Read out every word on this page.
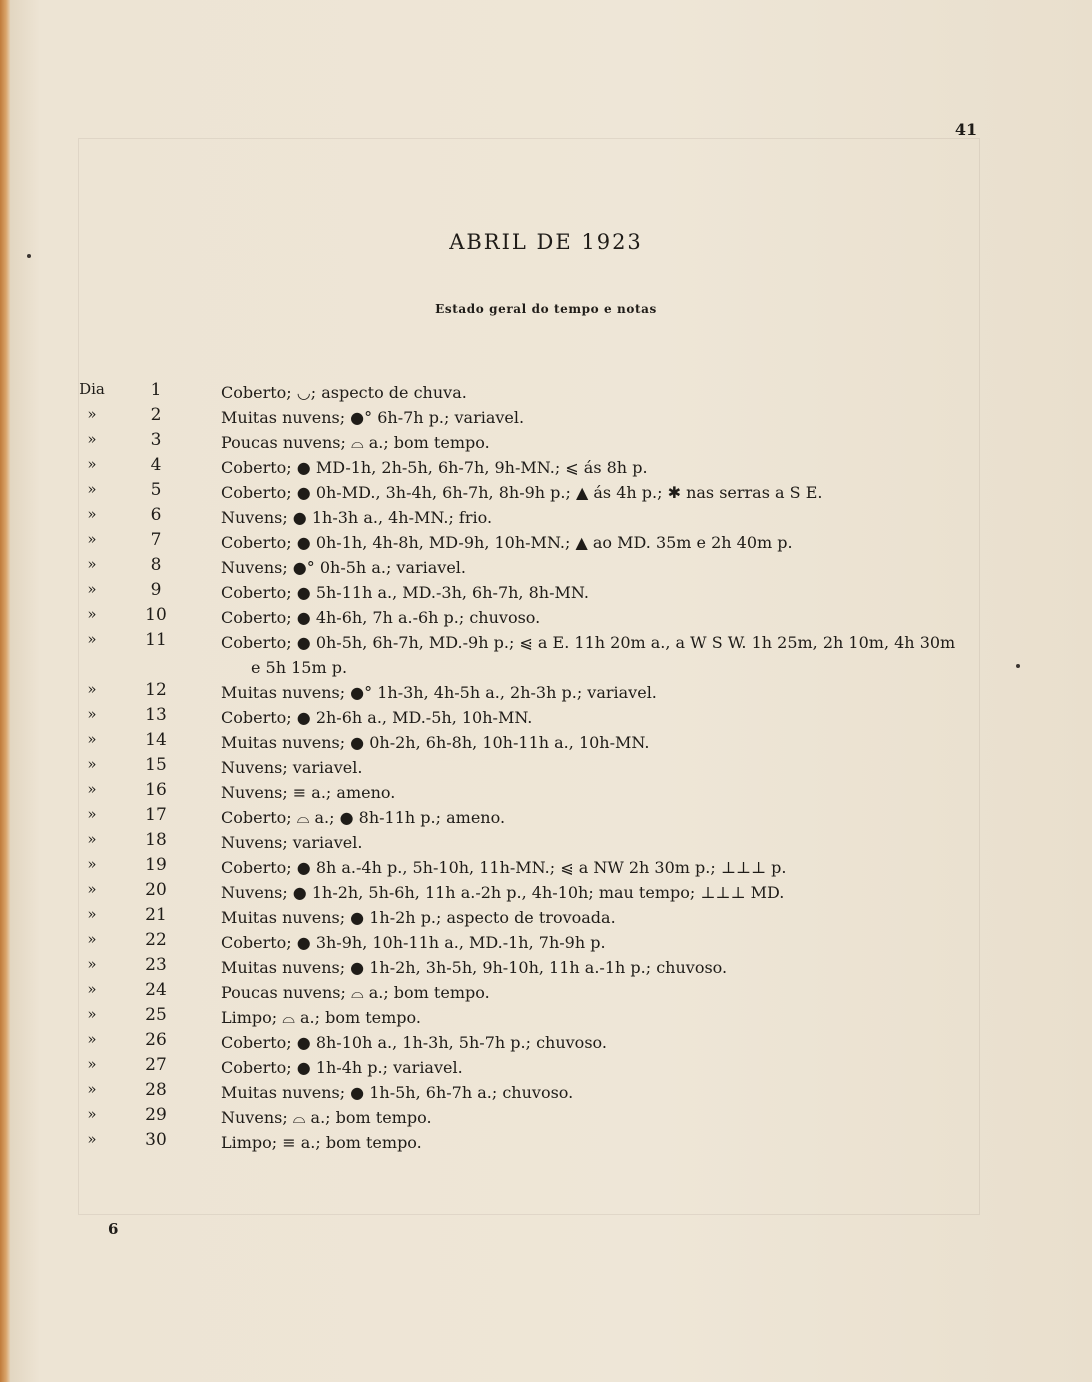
41
ABRIL DE 1923
Estado geral do tempo e notas
Dia	1	Coberto; ◡; aspecto de chuva.
»	2	Muitas nuvens; ●° 6h-7h p.; variavel.
»	3	Poucas nuvens; ⌓ a.; bom tempo.
»	4	Coberto; ● MD-1h, 2h-5h, 6h-7h, 9h-MN.; ⩽ ás 8h p.
»	5	Coberto; ● 0h-MD., 3h-4h, 6h-7h, 8h-9h p.; ▲ ás 4h p.; ✱ nas serras a S E.
»	6	Nuvens; ● 1h-3h a., 4h-MN.; frio.
»	7	Coberto; ● 0h-1h, 4h-8h, MD-9h, 10h-MN.; ▲ ao MD. 35m e 2h 40m p.
»	8	Nuvens; ●° 0h-5h a.; variavel.
»	9	Coberto; ● 5h-11h a., MD.-3h, 6h-7h, 8h-MN.
»	10	Coberto; ● 4h-6h, 7h a.-6h p.; chuvoso.
»	11	Coberto; ● 0h-5h, 6h-7h, MD.-9h p.; ⩿ a E. 11h 20m a., a W S W. 1h 25m, 2h 10m, 4h 30m
e 5h 15m p.
»	12	Muitas nuvens; ●° 1h-3h, 4h-5h a., 2h-3h p.; variavel.
»	13	Coberto; ● 2h-6h a., MD.-5h, 10h-MN.
»	14	Muitas nuvens; ● 0h-2h, 6h-8h, 10h-11h a., 10h-MN.
»	15	Nuvens; variavel.
»	16	Nuvens; ≡ a.; ameno.
»	17	Coberto; ⌓ a.; ● 8h-11h p.; ameno.
»	18	Nuvens; variavel.
»	19	Coberto; ● 8h a.-4h p., 5h-10h, 11h-MN.; ⩿ a NW 2h 30m p.; ⊥⊥⊥ p.
»	20	Nuvens; ● 1h-2h, 5h-6h, 11h a.-2h p., 4h-10h; mau tempo; ⊥⊥⊥ MD.
»	21	Muitas nuvens; ● 1h-2h p.; aspecto de trovoada.
»	22	Coberto; ● 3h-9h, 10h-11h a., MD.-1h, 7h-9h p.
»	23	Muitas nuvens; ● 1h-2h, 3h-5h, 9h-10h, 11h a.-1h p.; chuvoso.
»	24	Poucas nuvens; ⌓ a.; bom tempo.
»	25	Limpo; ⌓ a.; bom tempo.
»	26	Coberto; ● 8h-10h a., 1h-3h, 5h-7h p.; chuvoso.
»	27	Coberto; ● 1h-4h p.; variavel.
»	28	Muitas nuvens; ● 1h-5h, 6h-7h a.; chuvoso.
»	29	Nuvens; ⌓ a.; bom tempo.
»	30	Limpo; ≡ a.; bom tempo.
6
